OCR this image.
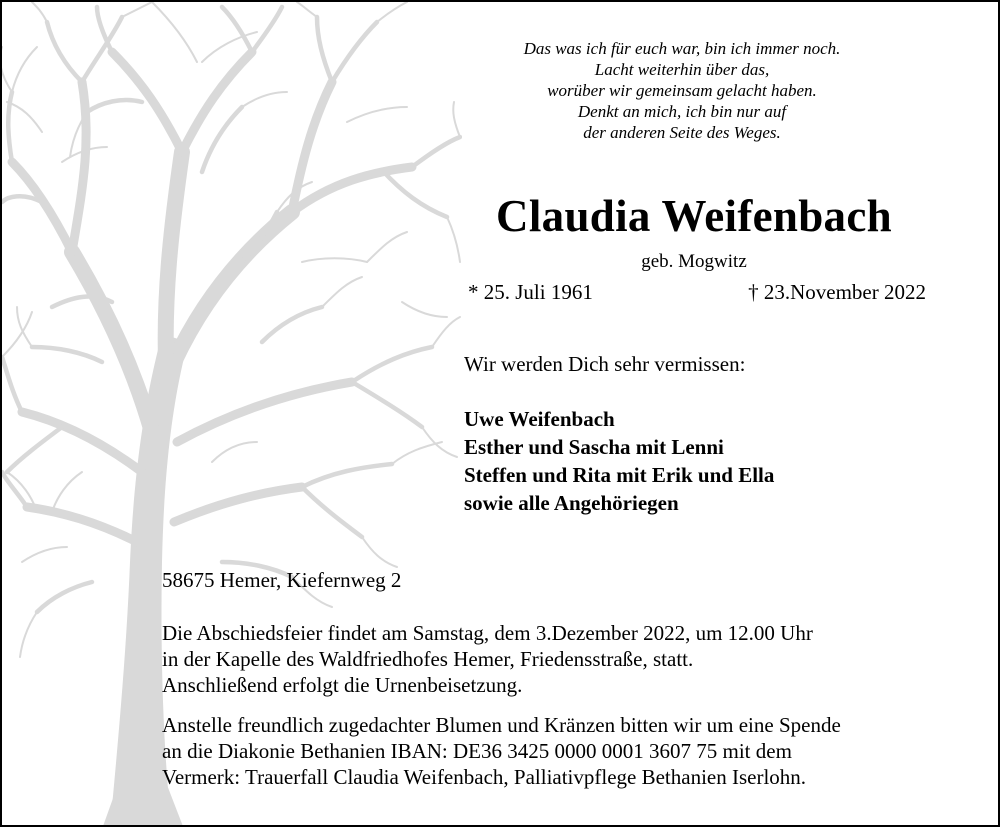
Das was ich für euch war, bin ich immer noch.
Lacht weiterhin über das,
worüber wir gemeinsam gelacht haben.
Denkt an mich, ich bin nur auf
der anderen Seite des Weges.
Claudia Weifenbach
geb. Mogwitz
* 25. Juli 1961	† 23.November 2022
Wir werden Dich sehr vermissen:
Uwe Weifenbach
Esther und Sascha mit Lenni
Steffen und Rita mit Erik und Ella
sowie alle Angehöriegen
58675 Hemer, Kiefernweg 2
Die Abschiedsfeier findet am Samstag, dem 3.Dezember 2022, um 12.00 Uhr
in der Kapelle des Waldfriedhofes Hemer, Friedensstraße, statt.
Anschließend erfolgt die Urnenbeisetzung.
Anstelle freundlich zugedachter Blumen und Kränzen bitten wir um eine Spende
an die Diakonie Bethanien IBAN: DE36 3425 0000 0001 3607 75 mit dem
Vermerk: Trauerfall Claudia Weifenbach, Palliativpflege Bethanien Iserlohn.
